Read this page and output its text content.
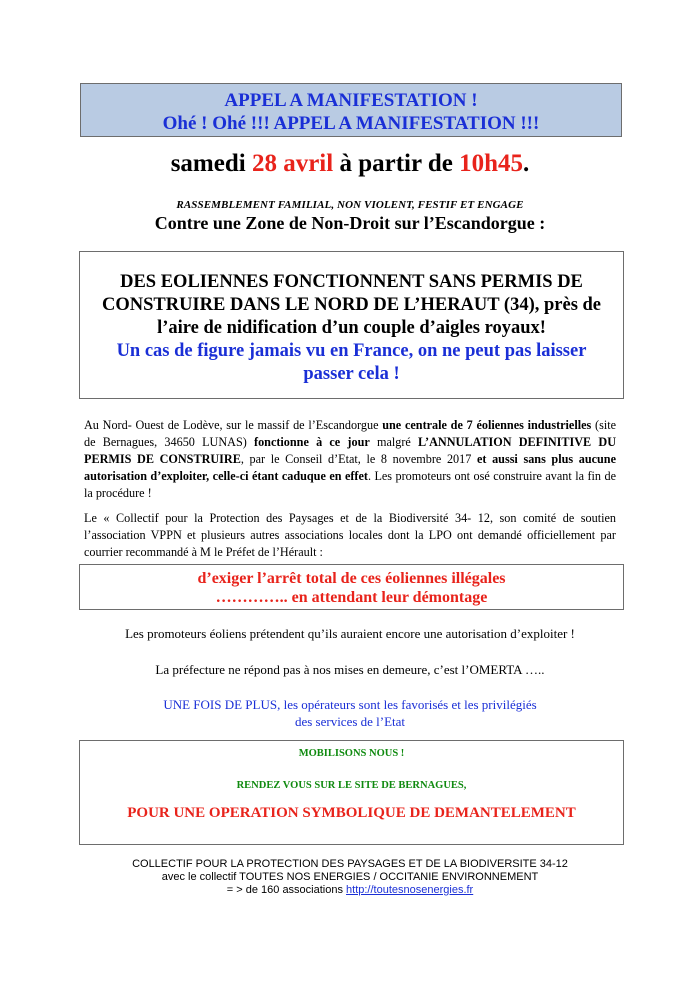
APPEL A MANIFESTATION !
Ohé ! Ohé !!! APPEL A MANIFESTATION !!!
samedi 28 avril à partir de 10h45.
RASSEMBLEMENT FAMILIAL, NON VIOLENT, FESTIF ET ENGAGE
Contre une Zone de Non-Droit sur l’Escandorgue :
DES EOLIENNES FONCTIONNENT SANS PERMIS DE
CONSTRUIRE DANS LE NORD DE L’HERAUT (34), près de
l’aire de nidification d’un couple d’aigles royaux!
Un cas de figure jamais vu en France, on ne peut pas laisser
passer cela !
Au Nord- Ouest de Lodève, sur le massif de l’Escandorgue une centrale de 7 éoliennes industrielles (site de Bernagues, 34650 LUNAS) fonctionne à ce jour malgré L’ANNULATION DEFINITIVE DU PERMIS DE CONSTRUIRE, par le Conseil d’Etat, le 8 novembre 2017 et aussi sans plus aucune autorisation d’exploiter, celle-ci étant caduque en effet. Les promoteurs ont osé construire avant la fin de la procédure !
Le « Collectif pour la Protection des Paysages et de la Biodiversité 34- 12, son comité de soutien l’association VPPN et plusieurs autres associations locales dont la LPO ont demandé officiellement par courrier recommandé à M le Préfet de l’Hérault :
d’exiger l’arrêt total de ces éoliennes illégales
………….. en attendant leur démontage
Les promoteurs éoliens prétendent qu’ils auraient encore une autorisation d’exploiter !
La préfecture ne répond pas à nos mises en demeure, c’est l’OMERTA …..
UNE FOIS DE PLUS, les opérateurs sont les favorisés et les privilégiés
des services de l’Etat
MOBILISONS NOUS !
RENDEZ VOUS SUR LE SITE DE BERNAGUES,
POUR UNE OPERATION SYMBOLIQUE DE DEMANTELEMENT
COLLECTIF POUR LA PROTECTION DES PAYSAGES ET DE LA BIODIVERSITE 34-12
avec le collectif TOUTES NOS ENERGIES / OCCITANIE ENVIRONNEMENT
= > de 160 associations http://toutesnosenergies.fr
